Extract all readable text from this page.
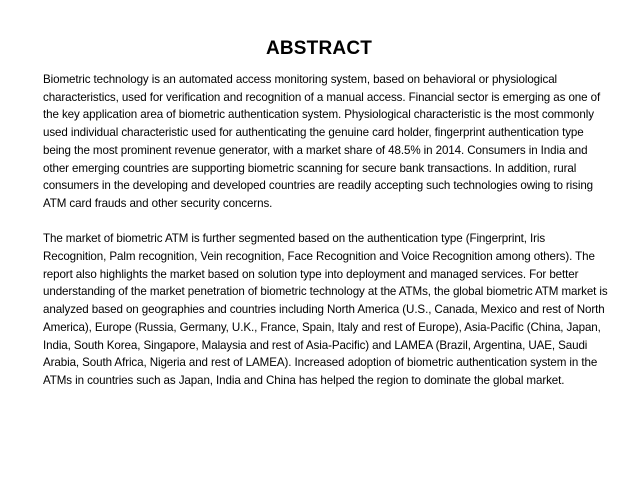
ABSTRACT

Biometric technology is an automated access monitoring system, based on behavioral or physiological characteristics, used for verification and recognition of a manual access. Financial sector is emerging as one of the key application area of biometric authentication system. Physiological characteristic is the most commonly used individual characteristic used for authenticating the genuine card holder, fingerprint authentication type being the most prominent revenue generator, with a market share of 48.5% in 2014. Consumers in India and other emerging countries are supporting biometric scanning for secure bank transactions. In addition, rural consumers in the developing and developed countries are readily accepting such technologies owing to rising ATM card frauds and other security concerns.

The market of biometric ATM is further segmented based on the authentication type (Fingerprint, Iris Recognition, Palm recognition, Vein recognition, Face Recognition and Voice Recognition among others). The report also highlights the market based on solution type into deployment and managed services. For better understanding of the market penetration of biometric technology at the ATMs, the global biometric ATM market is analyzed based on geographies and countries including North America (U.S., Canada, Mexico and rest of North America), Europe (Russia, Germany, U.K., France, Spain, Italy and rest of Europe), Asia-Pacific (China, Japan, India, South Korea, Singapore, Malaysia and rest of Asia-Pacific) and LAMEA (Brazil, Argentina, UAE, Saudi Arabia, South Africa, Nigeria and rest of LAMEA). Increased adoption of biometric authentication system in the ATMs in countries such as Japan, India and China has helped the region to dominate the global market.
